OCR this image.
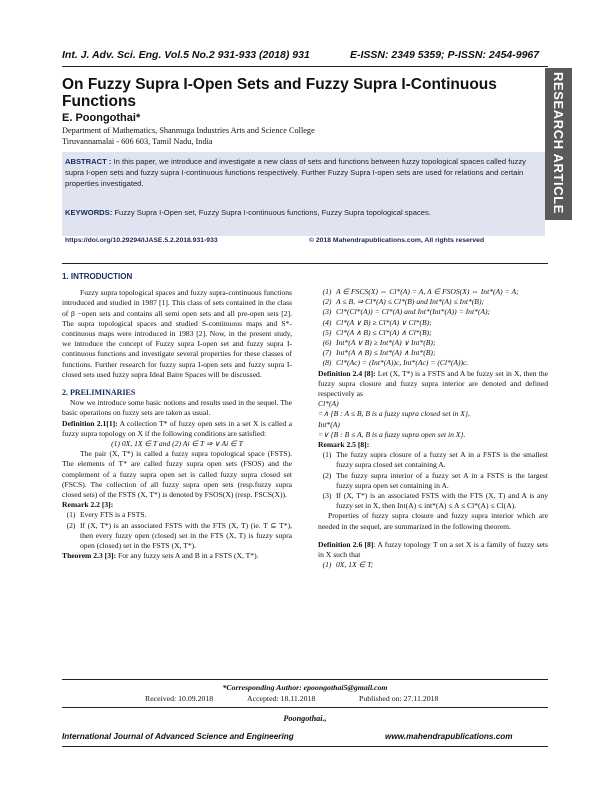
Int. J. Adv. Sci. Eng. Vol.5 No.2 931-933 (2018) 931	E-ISSN: 2349 5359; P-ISSN: 2454-9967
RESEARCH ARTICLE
On Fuzzy Supra I-Open Sets and Fuzzy Supra I-Continuous Functions
E. Poongothai*
Department of Mathematics, Shanmuga Industries Arts and Science College
Tiruvannamalai - 606 603, Tamil Nadu, India
ABSTRACT : In this paper, we introduce and investigate a new class of sets and functions between fuzzy topological spaces called fuzzy supra I-open sets and fuzzy supra I-continuous functions respectively. Further Fuzzy Supra I-open sets are used for relations and certain properties investigated.
KEYWORDS: Fuzzy Supra I-Open set, Fuzzy Supra I-continuous functions, Fuzzy Supra topological spaces.
https://doi.org/10.29294/IJASE.5.2.2018.931-933	© 2018 Mahendrapublications.com, All rights reserved

1. INTRODUCTION

Fuzzy supra topological spaces and fuzzy supra-continuous functions introduced and studied in 1987 [1]. This class of sets contained in the class of β −open sets and contains all semi open sets and all pre-open sets [2]. The supra topological spaces and studied S-continuous maps and S*-continuous maps were introduced in 1983 [2]. Now, in the present study, we introduce the concept of Fuzzy supra I-open set and fuzzy supra I-continuous functions and investigate several properties for these classes of functions. Further research for fuzzy supra I-open sets and fuzzy supra I-closed sets used fuzzy supra Ideal Baire Spaces will be discussed.

2. PRELIMINARIES

Now we introduce some basic notions and results used in the sequel. The basic operations on fuzzy sets are taken as usual.

Definition 2.1[1]: A collection T* of fuzzy open sets in a set X is called a fuzzy supra topology on X if the following conditions are satisfied:

(1) 0X, 1X ∈ T and (2) Ai ∈ T ⇒ ∨ Ai ∈ T

The pair (X, T*) is called a fuzzy supra topological space (FSTS). The elements of T* are called fuzzy supra open sets (FSOS) and the complement of a fuzzy supra open set is called fuzzy supra closed set (FSCS). The collection of all fuzzy supra open sets (resp.fuzzy supra closed sets) of the FSTS (X, T*) is denoted by FSOS(X) (resp. FSCS(X)).

Remark 2.2 [3]:

(1) Every FTS is a FSTS.
(2) If (X, T*) is an associated FSTS with the FTS (X, T) (ie. T ⊆ T*), then every fuzzy open (closed) set in the FTS (X, T) is fuzzy supra open (closed) set in the FSTS (X, T*).

Theorem 2.3 [3]: For any fuzzy sets A and B in a FSTS (X, T*).

(1) A ∈ FSCS(X) ⇔ Cl*(A) = A, A ∈ FSOS(X) ⇔ Int*(A) = A;
(2) A ≤ B, ⇒ Cl*(A) ≤ Cl*(B) and Int*(A) ≤ Int*(B);
(3) Cl*(Cl*(A)) = Cl*(A) and Int*(Int*(A)) = Int*(A);
(4) Cl*(A ∨ B) ≥ Cl*(A) ∨ Cl*(B);
(5) Cl*(A ∧ B) ≤ Cl*(A) ∧ Cl*(B);
(6) Int*(A ∨ B) ≥ Int*(A) ∨ Int*(B);
(7) Int*(A ∧ B) ≤ Int*(A) ∧ Int*(B);
(8) Cl*(Ac) = (Int*(A))c, Int*(Ac) = (Cl*(A))c.

Definition 2.4 [8]: Let (X, T*) is a FSTS and A be fuzzy set in X, then the fuzzy supra closure and fuzzy supra interior are denoted and defined respectively as

Cl*(A)

=∧ {B : A ≤ B, B is a fuzzy supra closed set in X},

Int*(A)

=∨ {B : B ≤ A, B is a fuzzy supra open set in X}.

Remark 2.5 [8]:

(1) The fuzzy supra closure of a fuzzy set A in a FSTS is the smallest fuzzy supra closed set containing A.
(2) The fuzzy supra interior of a fuzzy set A in a FSTS is the largest fuzzy supra open set containing in A.
(3) If (X, T*) is an associated FSTS with the FTS (X, T) and A is any fuzzy set in X, then Int(A) ≤ int*(A) ≤ A ≤ Cl*(A) ≤ Cl(A).

Properties of fuzzy supra closure and fuzzy supra interior which are needed in the sequel, are summarized in the following theorem.

Definition 2.6 [8]: A fuzzy topology T on a set X is a family of fuzzy sets in X such that

(1) 0X, 1X ∈ T;
*Corresponding Author: epoongothai5@gmail.com
Received: 10.09.2018	Accepted: 18.11.2018	Published on: 27.11.2018
Poongothai.,
International Journal of Advanced Science and Engineering	www.mahendrapublications.com
